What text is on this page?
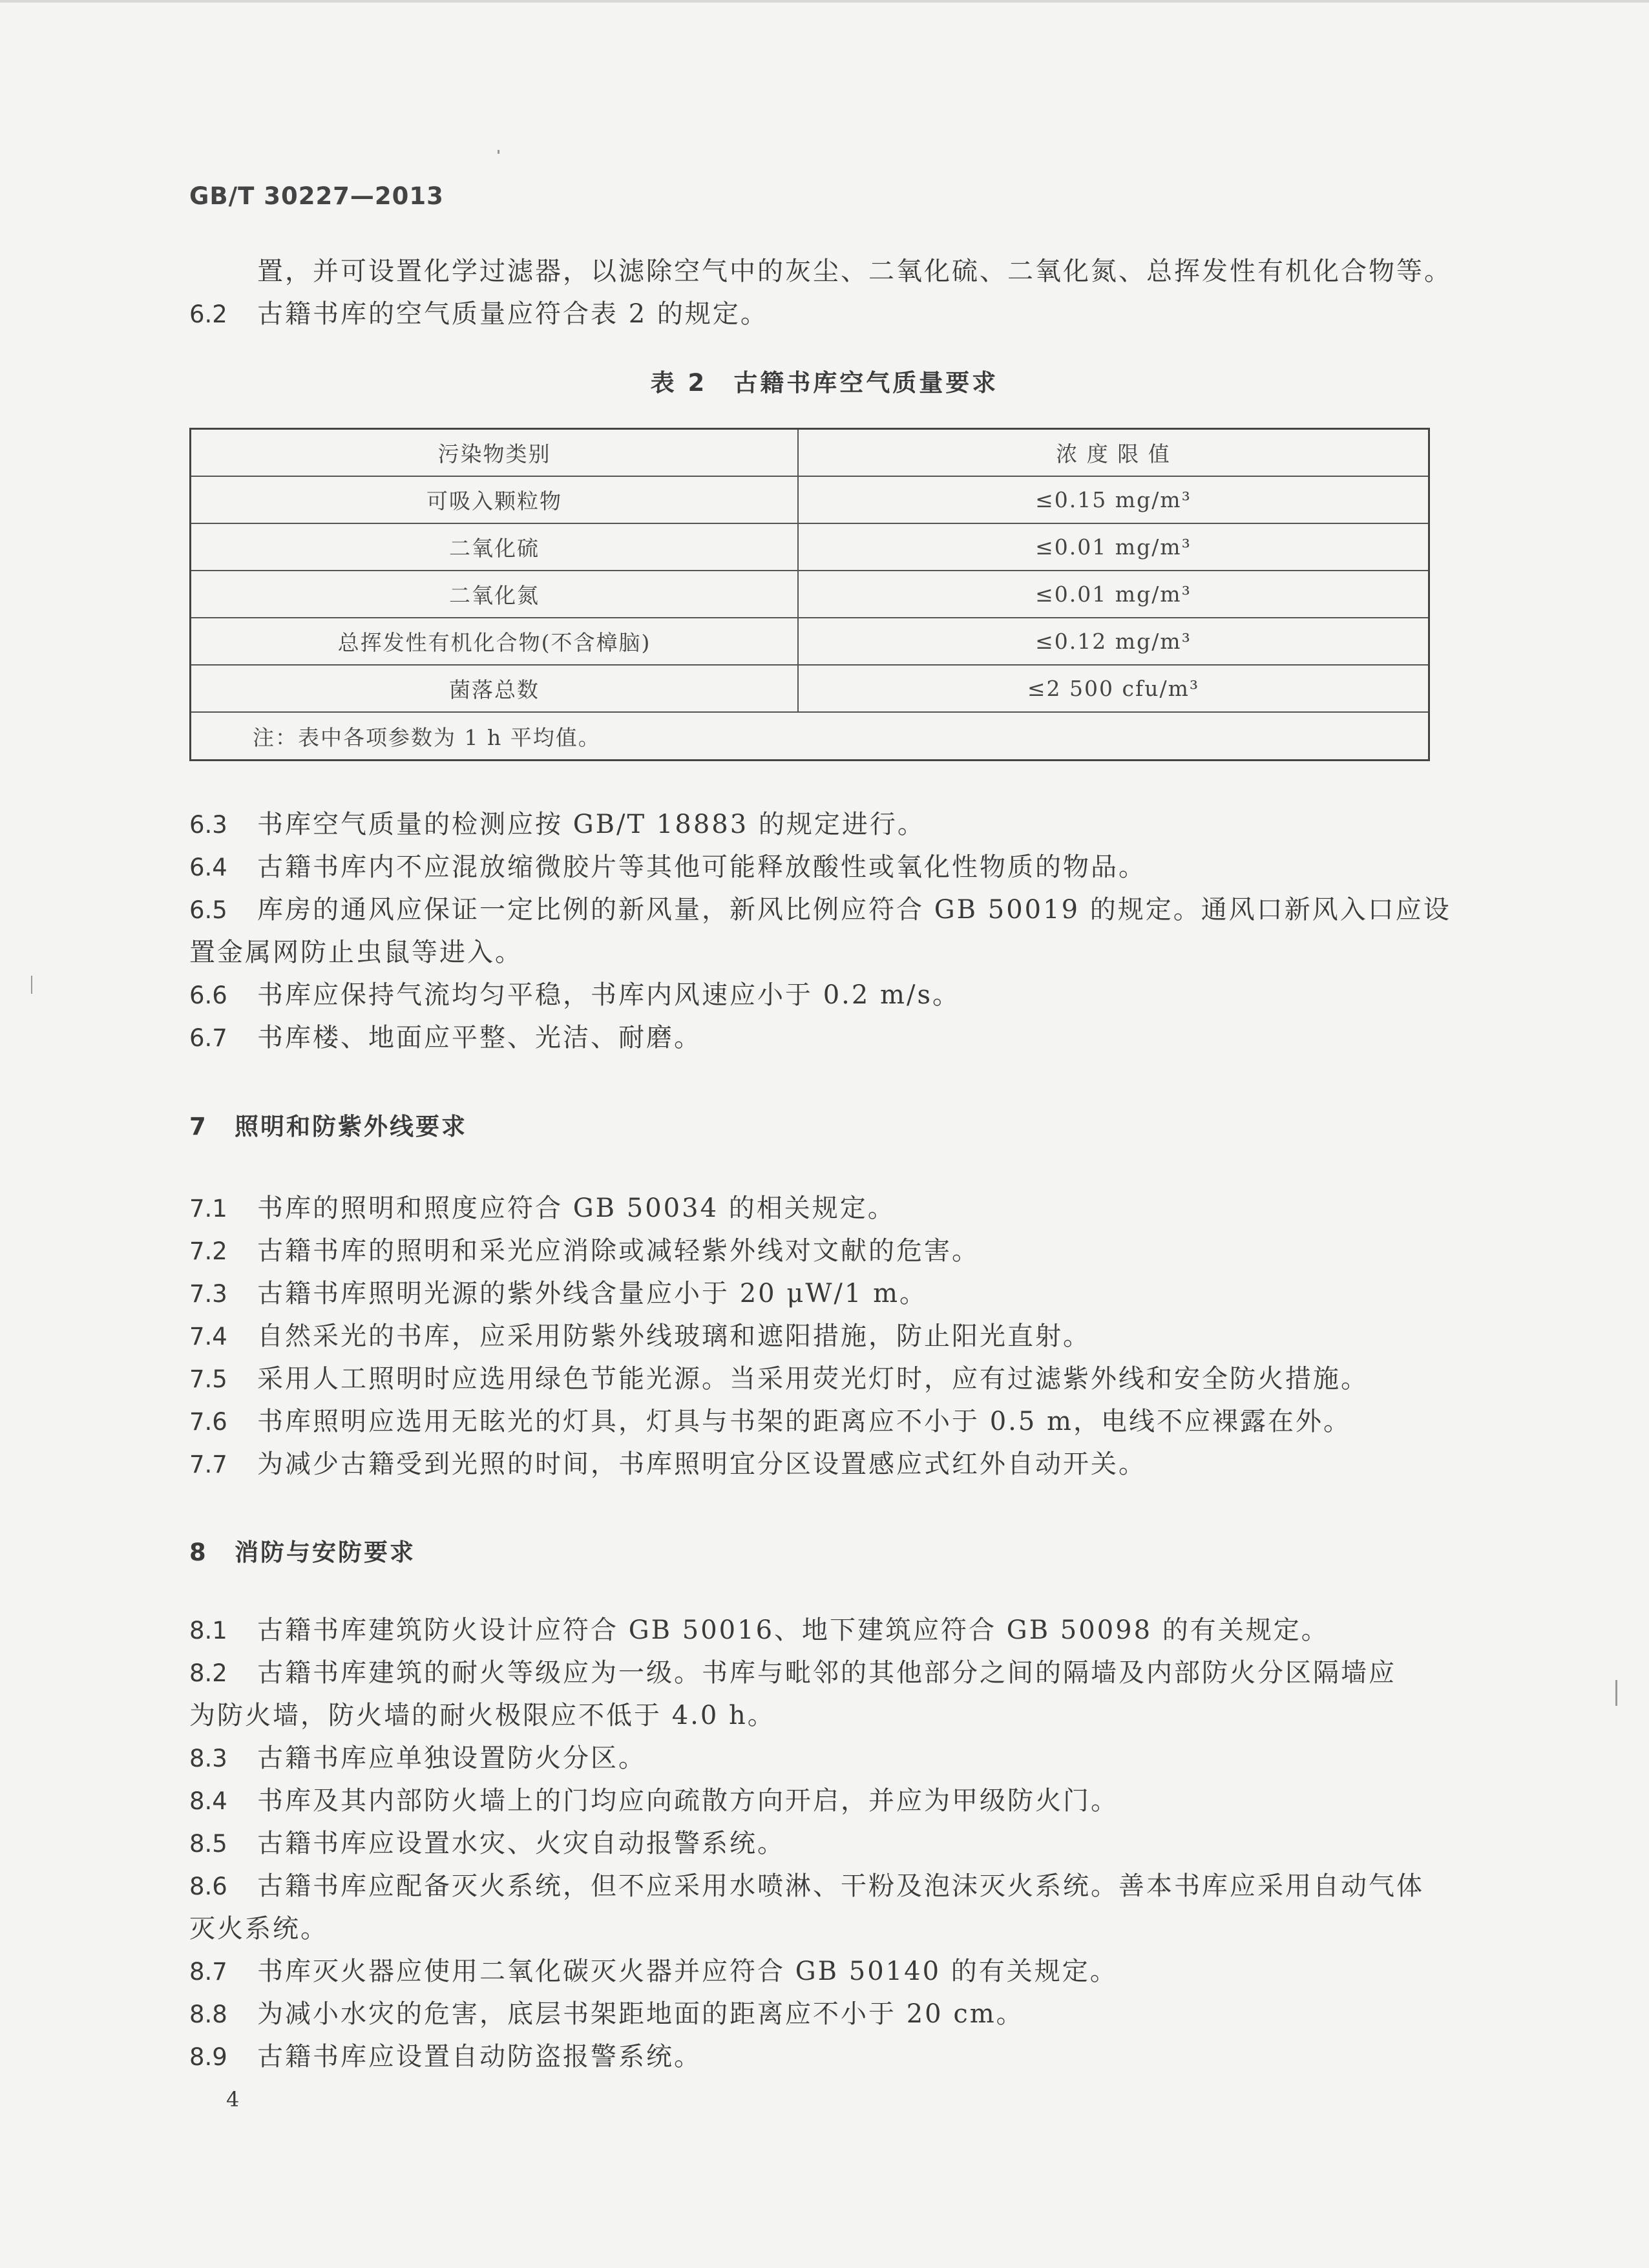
GB/T 30227—2013
置，并可设置化学过滤器，以滤除空气中的灰尘、二氧化硫、二氧化氮、总挥发性有机化合物等。
6.2 古籍书库的空气质量应符合表 2 的规定。
表 2　古籍书库空气质量要求
污染物类别	浓 度 限 值
可吸入颗粒物	≤0.15 mg/m³
二氧化硫	≤0.01 mg/m³
二氧化氮	≤0.01 mg/m³
总挥发性有机化合物(不含樟脑)	≤0.12 mg/m³
菌落总数	≤2 500 cfu/m³
注：表中各项参数为 1 h 平均值。	
6.3 书库空气质量的检测应按 GB/T 18883 的规定进行。
6.4 古籍书库内不应混放缩微胶片等其他可能释放酸性或氧化性物质的物品。
6.5 库房的通风应保证一定比例的新风量，新风比例应符合 GB 50019 的规定。通风口新风入口应设
置金属网防止虫鼠等进入。
6.6 书库应保持气流均匀平稳，书库内风速应小于 0.2 m/s。
6.7 书库楼、地面应平整、光洁、耐磨。
7 照明和防紫外线要求
7.1 书库的照明和照度应符合 GB 50034 的相关规定。
7.2 古籍书库的照明和采光应消除或减轻紫外线对文献的危害。
7.3 古籍书库照明光源的紫外线含量应小于 20 μW/1 m。
7.4 自然采光的书库，应采用防紫外线玻璃和遮阳措施，防止阳光直射。
7.5 采用人工照明时应选用绿色节能光源。当采用荧光灯时，应有过滤紫外线和安全防火措施。
7.6 书库照明应选用无眩光的灯具，灯具与书架的距离应不小于 0.5 m，电线不应裸露在外。
7.7 为减少古籍受到光照的时间，书库照明宜分区设置感应式红外自动开关。
8 消防与安防要求
8.1 古籍书库建筑防火设计应符合 GB 50016、地下建筑应符合 GB 50098 的有关规定。
8.2 古籍书库建筑的耐火等级应为一级。书库与毗邻的其他部分之间的隔墙及内部防火分区隔墙应
为防火墙，防火墙的耐火极限应不低于 4.0 h。
8.3 古籍书库应单独设置防火分区。
8.4 书库及其内部防火墙上的门均应向疏散方向开启，并应为甲级防火门。
8.5 古籍书库应设置水灾、火灾自动报警系统。
8.6 古籍书库应配备灭火系统，但不应采用水喷淋、干粉及泡沫灭火系统。善本书库应采用自动气体
灭火系统。
8.7 书库灭火器应使用二氧化碳灭火器并应符合 GB 50140 的有关规定。
8.8 为减小水灾的危害，底层书架距地面的距离应不小于 20 cm。
8.9 古籍书库应设置自动防盗报警系统。
4
